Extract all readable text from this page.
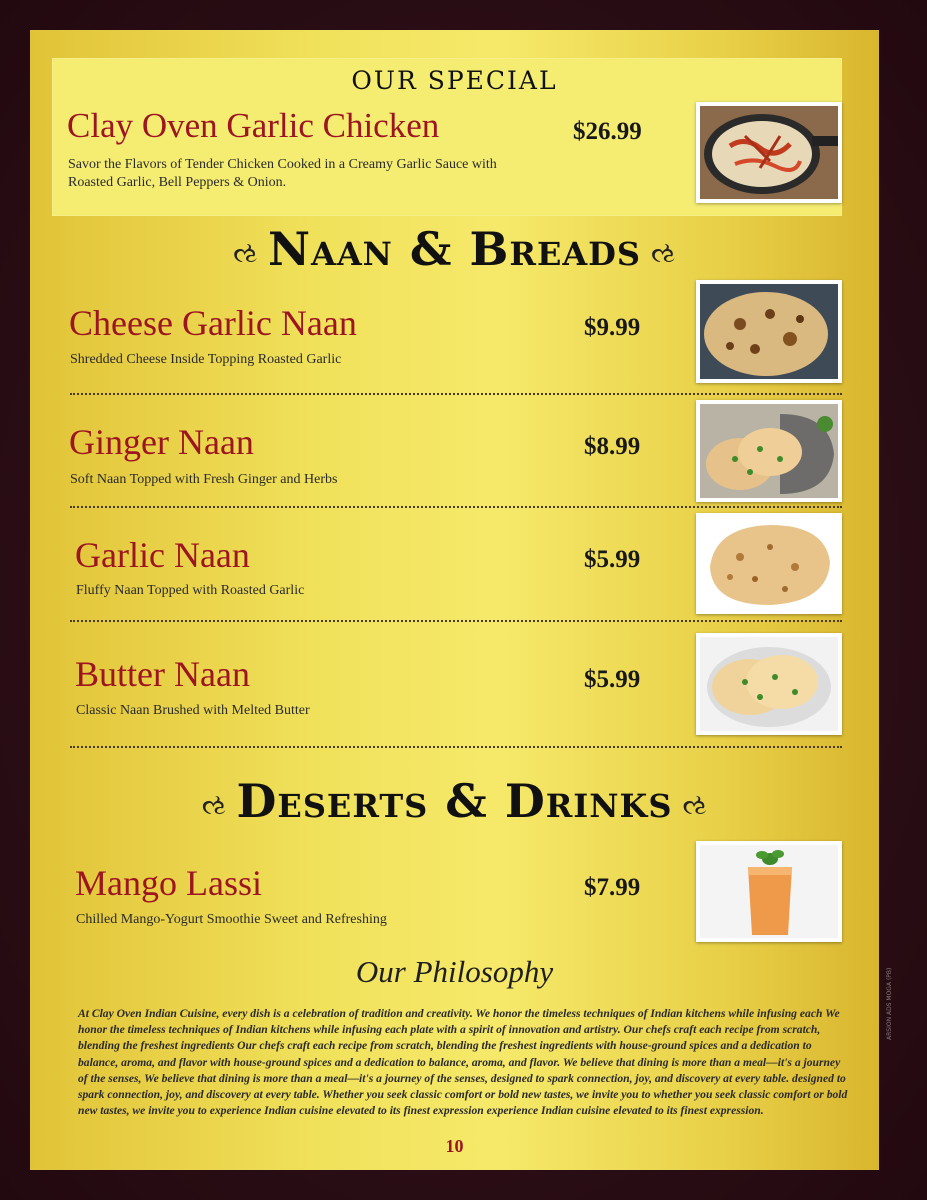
OUR SPECIAL
Clay Oven Garlic Chicken	$26.99
Savor the Flavors of Tender Chicken Cooked in a Creamy Garlic Sauce with Roasted Garlic, Bell Peppers & Onion.
ઌ Naan & Breads ઌ
Cheese Garlic Naan	$9.99
Shredded Cheese Inside Topping Roasted Garlic
Ginger Naan	$8.99
Soft Naan Topped with Fresh Ginger and Herbs
Garlic Naan	$5.99
Fluffy Naan Topped with Roasted Garlic
Butter Naan	$5.99
Classic Naan Brushed with Melted Butter
ઌ Deserts & Drinks ઌ
Mango Lassi	$7.99
Chilled Mango-Yogurt Smoothie Sweet and Refreshing
Our Philosophy
At Clay Oven Indian Cuisine, every dish is a celebration of tradition and creativity. We honor the timeless techniques of Indian kitchens while infusing each We honor the timeless techniques of Indian kitchens while infusing each plate with a spirit of innovation and artistry. Our chefs craft each recipe from scratch, blending the freshest ingredients Our chefs craft each recipe from scratch, blending the freshest ingredients with house-ground spices and a dedication to balance, aroma, and flavor with house-ground spices and a dedication to balance, aroma, and flavor. We believe that dining is more than a meal—it's a journey of the senses, We believe that dining is more than a meal—it's a journey of the senses, designed to spark connection, joy, and discovery at every table. designed to spark connection, joy, and discovery at every table. Whether you seek classic comfort or bold new tastes, we invite you to whether you seek classic comfort or bold new tastes, we invite you to experience Indian cuisine elevated to its finest expression experience Indian cuisine elevated to its finest expression.
10
ARSION ADS MOGA (PB)
